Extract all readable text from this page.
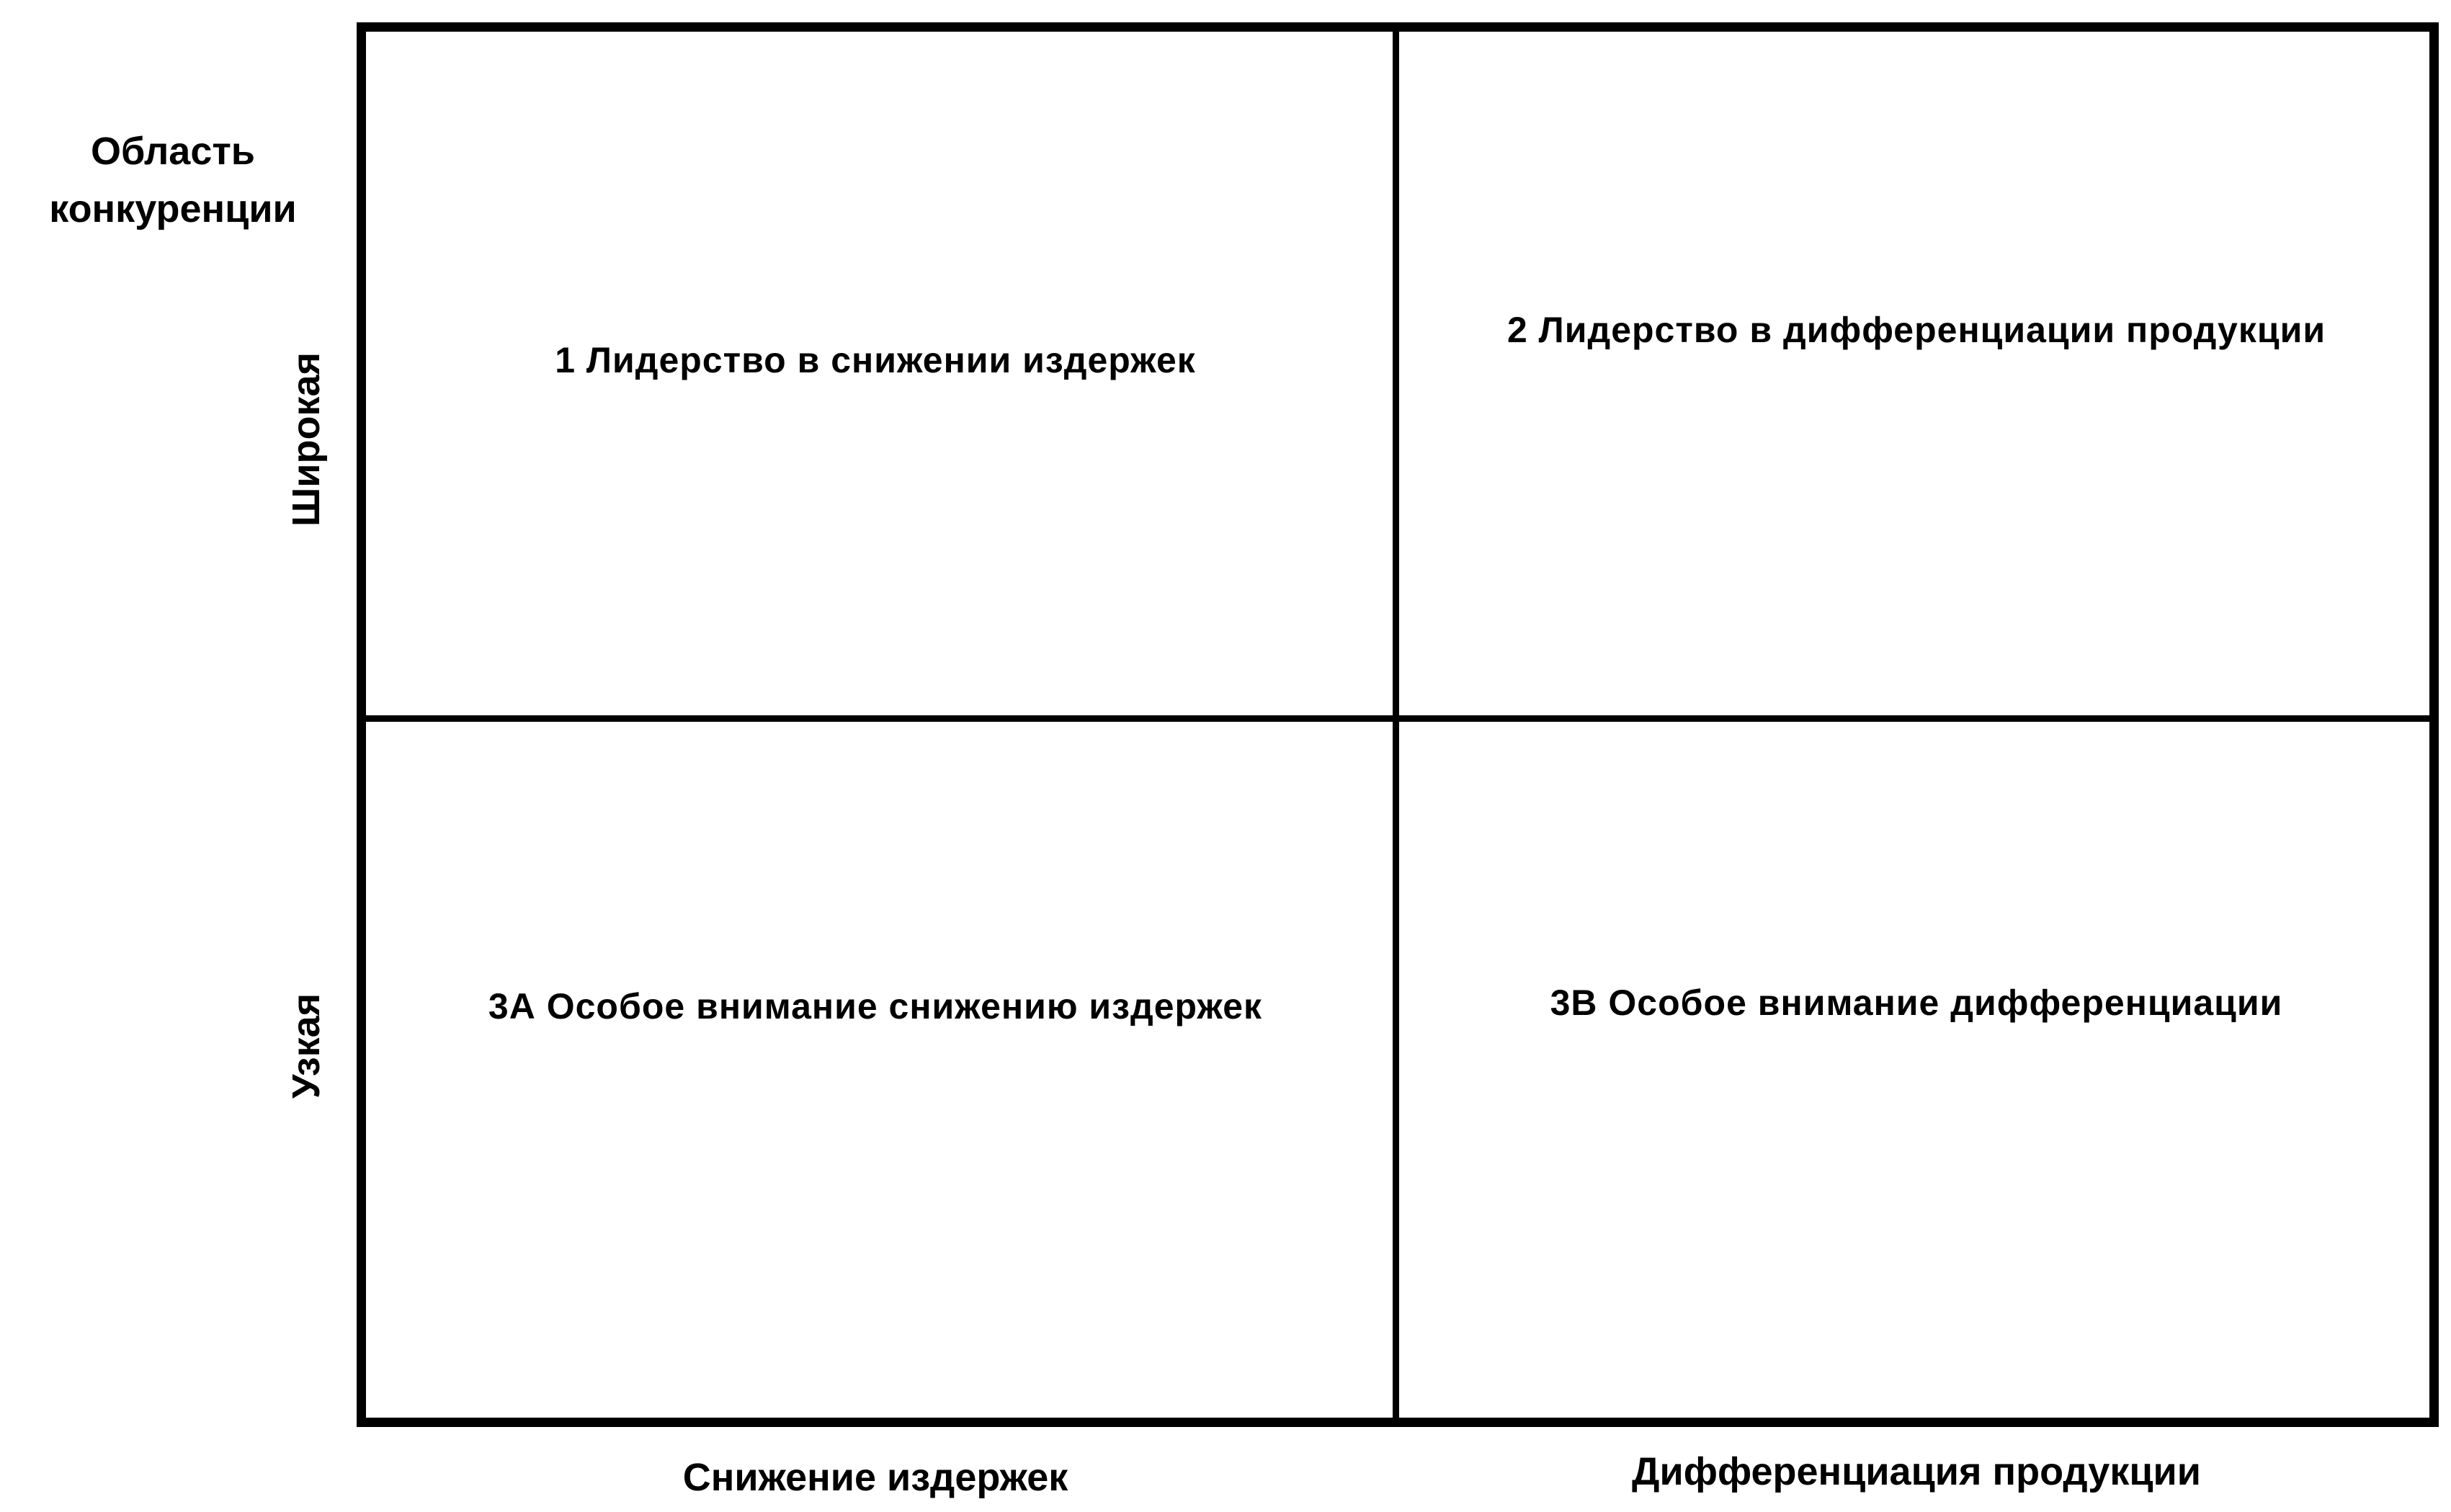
Область конкуренции
Широкая
Узкая
1 Лидерство в снижении издержек
2 Лидерство в дифференциации продукции
3А Особое внимание снижению издержек	3В Особое внимание дифференциации
Снижение издержек	Дифференциация продукции
